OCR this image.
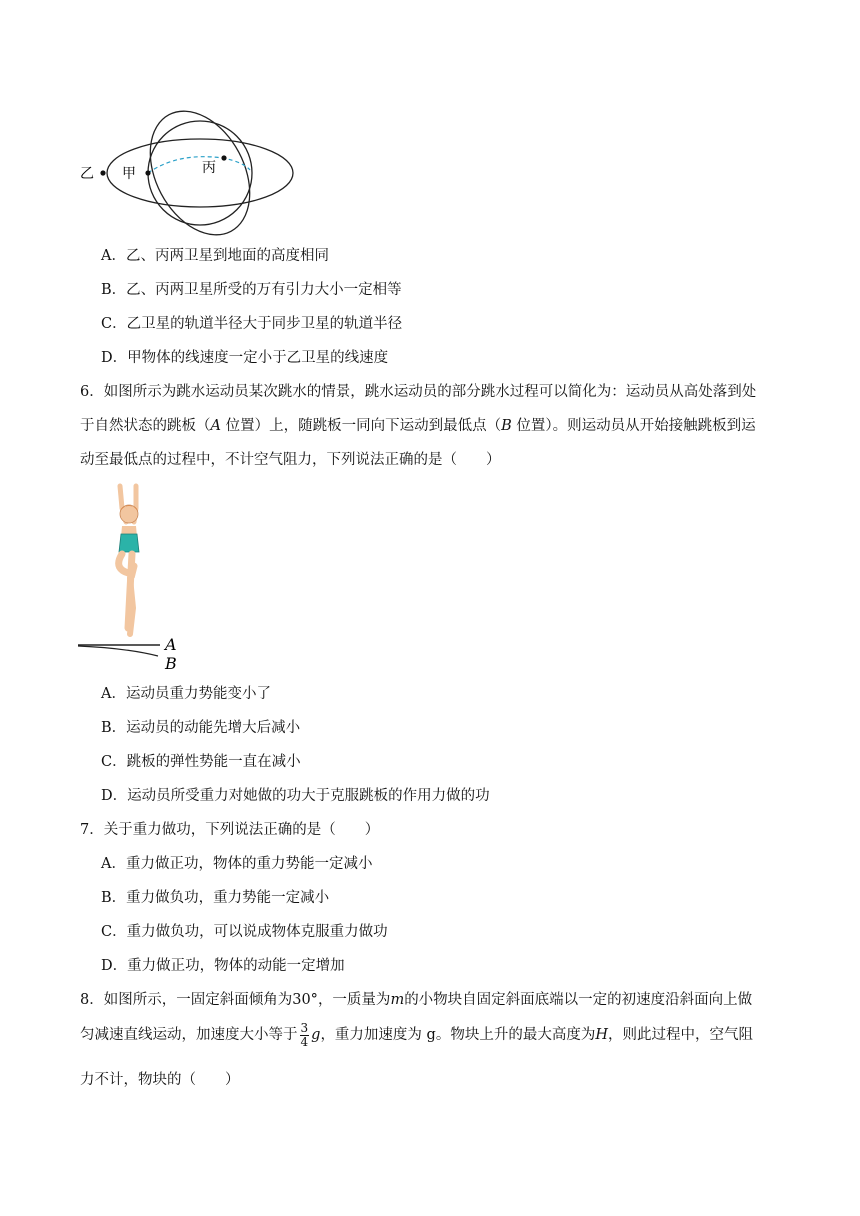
乙 甲	丙
A．乙、丙两卫星到地面的高度相同
B．乙、丙两卫星所受的万有引力大小一定相等
C．乙卫星的轨道半径大于同步卫星的轨道半径
D．甲物体的线速度一定小于乙卫星的线速度
6．如图所示为跳水运动员某次跳水的情景，跳水运动员的部分跳水过程可以简化为：运动员从高处落到处
于自然状态的跳板（A 位置）上，随跳板一同向下运动到最低点（B 位置）。则运动员从开始接触跳板到运
动至最低点的过程中，不计空气阻力，下列说法正确的是（　　）
A
B
A．运动员重力势能变小了
B．运动员的动能先增大后减小
C．跳板的弹性势能一直在减小
D．运动员所受重力对她做的功大于克服跳板的作用力做的功
7．关于重力做功，下列说法正确的是（　　）
A．重力做正功，物体的重力势能一定减小
B．重力做负功，重力势能一定减小
C．重力做负功，可以说成物体克服重力做功
D．重力做正功，物体的动能一定增加
8．如图所示，一固定斜面倾角为30°，一质量为m的小物块自固定斜面底端以一定的初速度沿斜面向上做
匀减速直线运动，加速度大小等于 $\frac{3}{4}$ g，重力加速度为 g。物块上升的最大高度为H，则此过程中，空气阻
力不计，物块的（　　）
